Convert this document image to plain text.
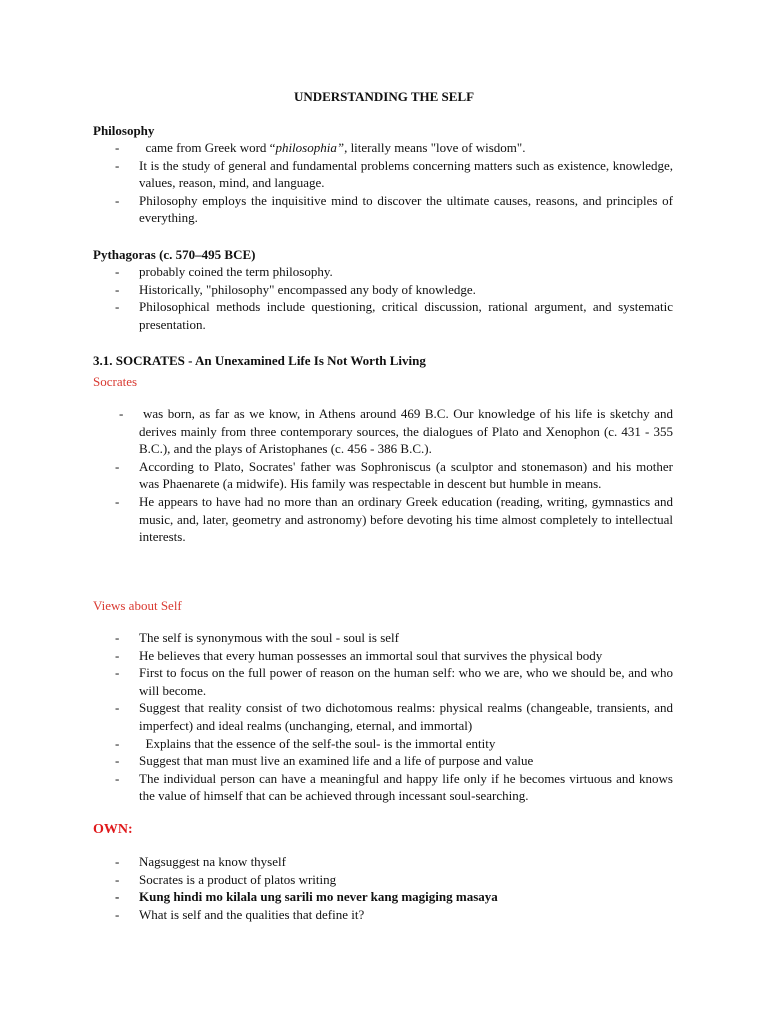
UNDERSTANDING THE SELF
Philosophy
- came from Greek word “philosophia”, literally means "love of wisdom".
- It is the study of general and fundamental problems concerning matters such as existence, knowledge, values, reason, mind, and language.
- Philosophy employs the inquisitive mind to discover the ultimate causes, reasons, and principles of everything.
Pythagoras (c. 570–495 BCE)
- probably coined the term philosophy.
- Historically, "philosophy" encompassed any body of knowledge.
- Philosophical methods include questioning, critical discussion, rational argument, and systematic presentation.
3.1. SOCRATES - An Unexamined Life Is Not Worth Living
Socrates
- was born, as far as we know, in Athens around 469 B.C. Our knowledge of his life is sketchy and derives mainly from three contemporary sources, the dialogues of Plato and Xenophon (c. 431 - 355 B.C.), and the plays of Aristophanes (c. 456 - 386 B.C.).
- According to Plato, Socrates' father was Sophroniscus (a sculptor and stonemason) and his mother was Phaenarete (a midwife). His family was respectable in descent but humble in means.
- He appears to have had no more than an ordinary Greek education (reading, writing, gymnastics and music, and, later, geometry and astronomy) before devoting his time almost completely to intellectual interests.
Views about Self
- The self is synonymous with the soul - soul is self
- He believes that every human possesses an immortal soul that survives the physical body
- First to focus on the full power of reason on the human self: who we are, who we should be, and who will become.
- Suggest that reality consist of two dichotomous realms: physical realms (changeable, transients, and imperfect) and ideal realms (unchanging, eternal, and immortal)
-   Explains that the essence of the self-the soul- is the immortal entity
- Suggest that man must live an examined life and a life of purpose and value
- The individual person can have a meaningful and happy life only if he becomes virtuous and knows the value of himself that can be achieved through incessant soul-searching.
OWN:
- Nagsuggest na know thyself
- Socrates is a product of platos writing
- Kung hindi mo kilala ung sarili mo never kang magiging masaya
- What is self and the qualities that define it?
